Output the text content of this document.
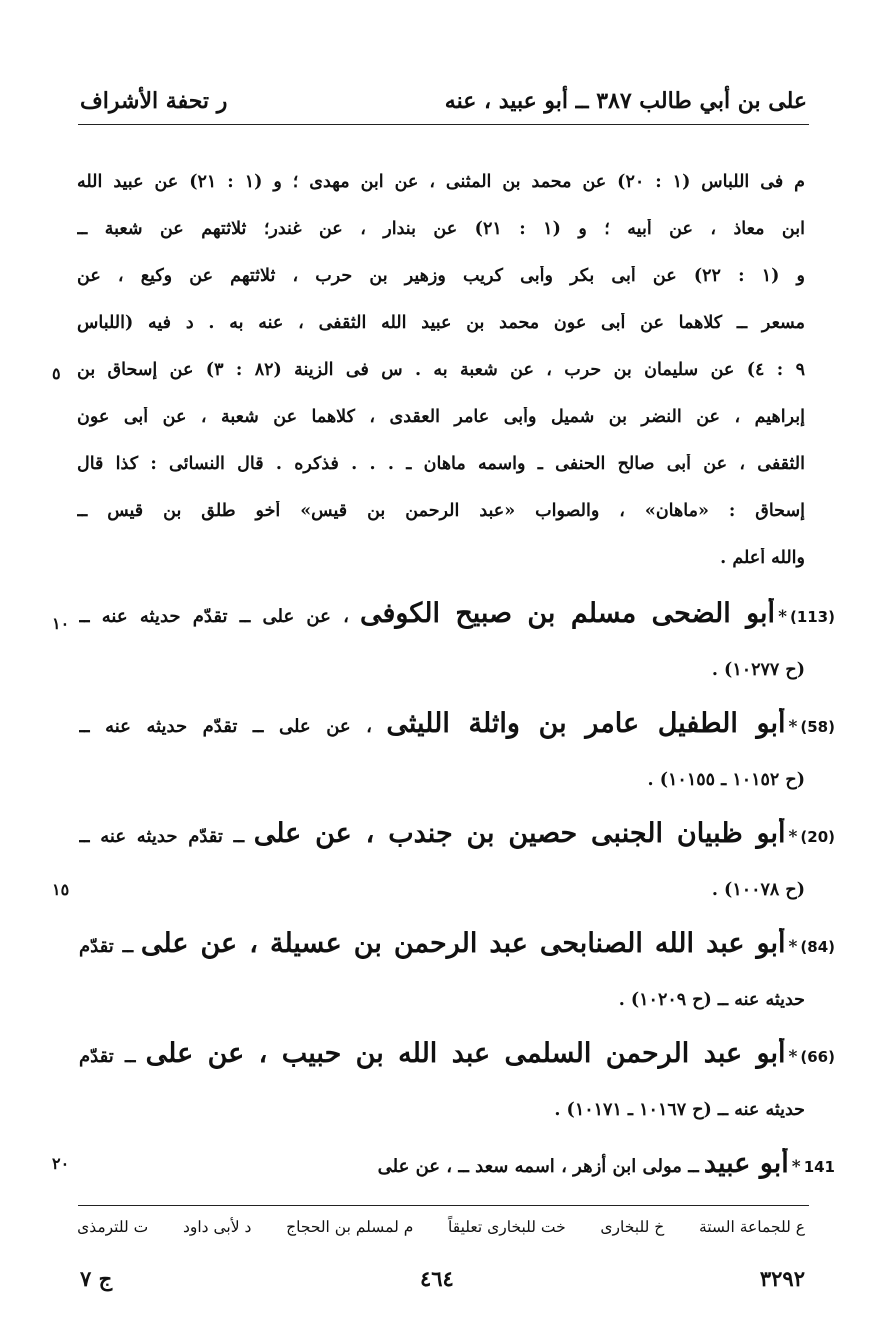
على بن أبي طالب ٣٨٧ ــ أبو عبيد ، عنه
ر تحفة الأشراف
م فى اللباس (١ : ٢٠) عن محمد بن المثنى ، عن ابن مهدى ؛ و (١ : ٢١) عن عبيد الله
ابن معاذ ، عن أبيه ؛ و (١ : ٢١) عن بندار ، عن غندر؛ ثلاثتهم عن شعبة ــ
و (١ : ٢٢) عن أبى بكر وأبى كريب وزهير بن حرب ، ثلاثتهم عن وكيع ، عن
مسعر ــ كلاهما عن أبى عون محمد بن عبيد الله الثقفى ، عنه به . د فيه (اللباس
٩ : ٤) عن سليمان بن حرب ، عن شعبة به . س فى الزينة (٨٢ : ٣) عن إسحاق بن
إبراهيم ، عن النضر بن شميل وأبى عامر العقدى ، كلاهما عن شعبة ، عن أبى عون
الثقفى ، عن أبى صالح الحنفى ـ واسمه ماهان ـ . . . فذكره . قال النسائى : كذا قال
إسحاق : «ماهان» ، والصواب «عبد الرحمن بن قيس» أخو طلق بن قيس ــ
والله أعلم .
٥
١٠
١٥
٢٠
(113)*أبو الضحى مسلم بن صبيح الكوفى ، عن على ــ تقدّم حديثه عنه ــ
(ح ١٠٢٧٧) .
(58)*أبو الطفيل عامر بن واثلة الليثى ، عن على ــ تقدّم حديثه عنه ــ
(ح ١٠١٥٢ ـ ١٠١٥٥) .
(20)*أبو ظبيان الجنبى حصين بن جندب ، عن على ــ تقدّم حديثه عنه ــ
(ح ١٠٠٧٨) .
(84)*أبو عبد الله الصنابحى عبد الرحمن بن عسيلة ، عن على ــ تقدّم
حديثه عنه ــ (ح ١٠٢٠٩) .
(66)*أبو عبد الرحمن السلمى عبد الله بن حبيب ، عن على ــ تقدّم
حديثه عنه ــ (ح ١٠١٦٧ ـ ١٠١٧١) .
141*أبو عبيد ــ مولى ابن أزهر ، اسمه سعد ــ ، عن على
ع للجماعة الستة
خ للبخارى
خت للبخارى تعليقاً
م لمسلم بن الحجاج
د لأبى داود
ت للترمذى
٣٢٩٢
٤٦٤
ج ٧
